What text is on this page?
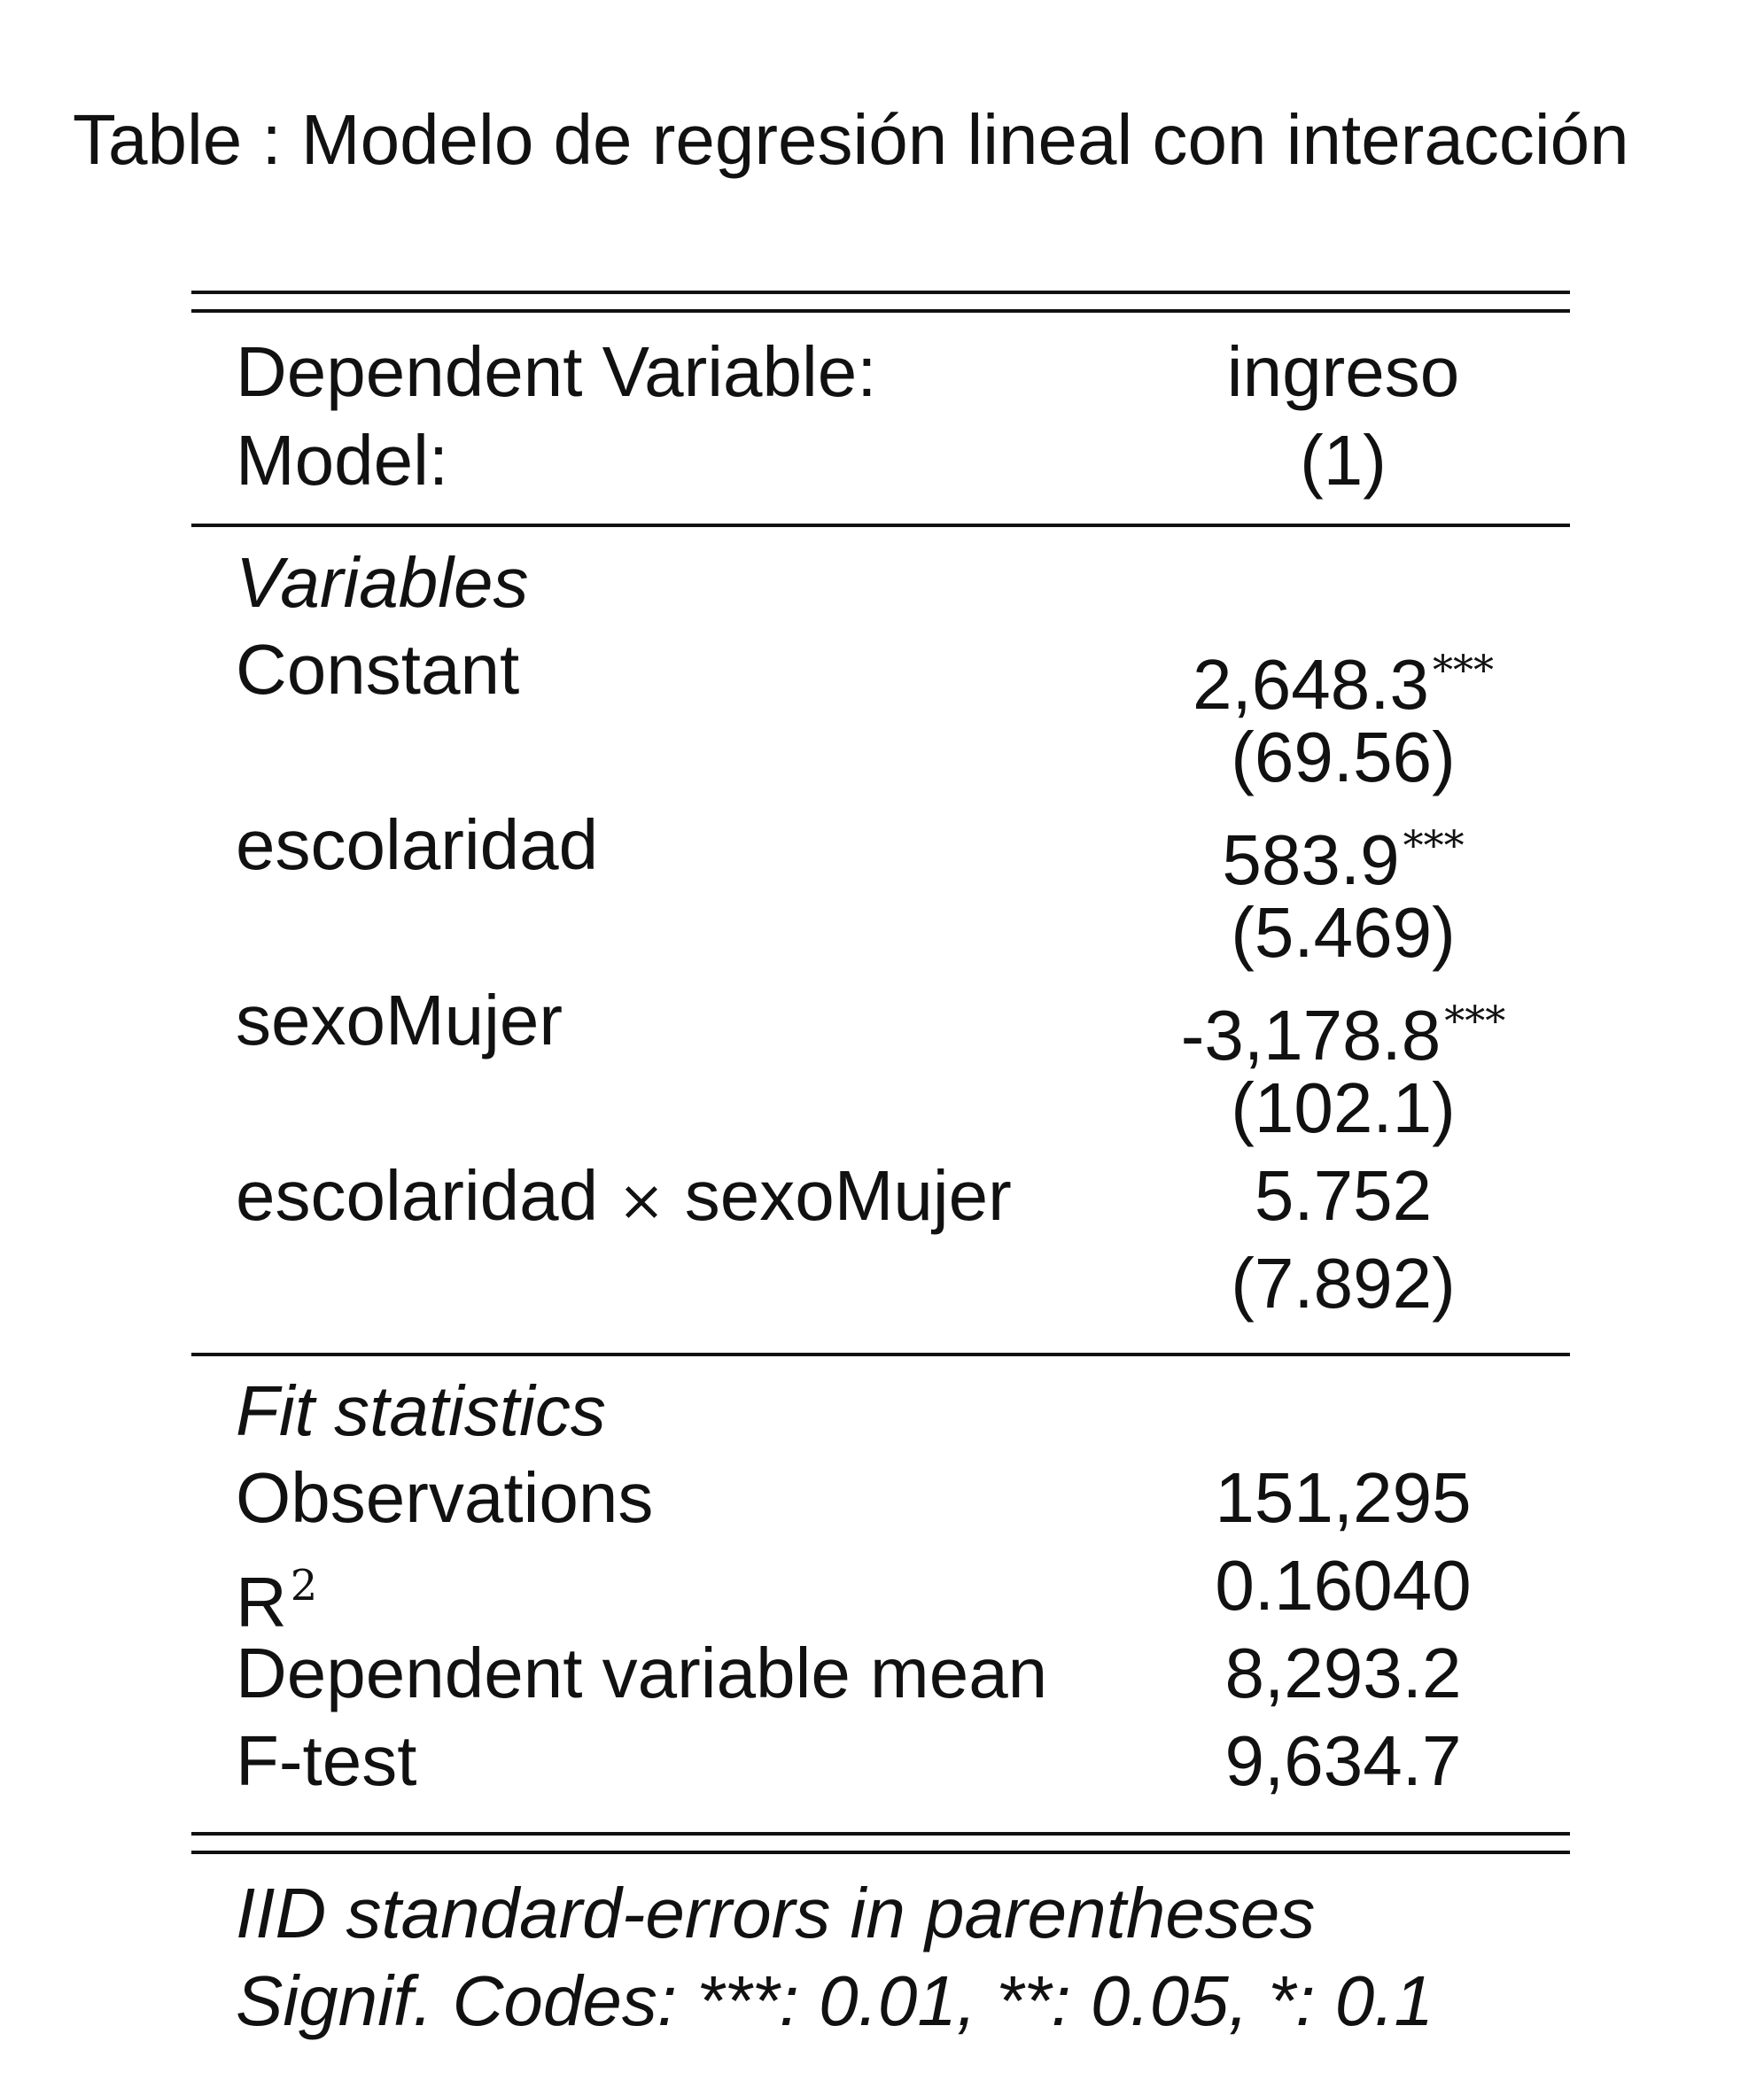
Table : Modelo de regresión lineal con interacción
Dependent Variable:	ingreso
Model:	(1)
Variables
Constant	2,648.3***
(69.56)
escolaridad	583.9***
(5.469)
sexoMujer	-3,178.8***
(102.1)
escolaridad × sexoMujer	5.752
(7.892)
Fit statistics
Observations	151,295
$R^2$	0.16040
Dependent variable mean	8,293.2
F-test	9,634.7
IID standard-errors in parentheses
Signif. Codes: ***: 0.01, **: 0.05, *: 0.1
